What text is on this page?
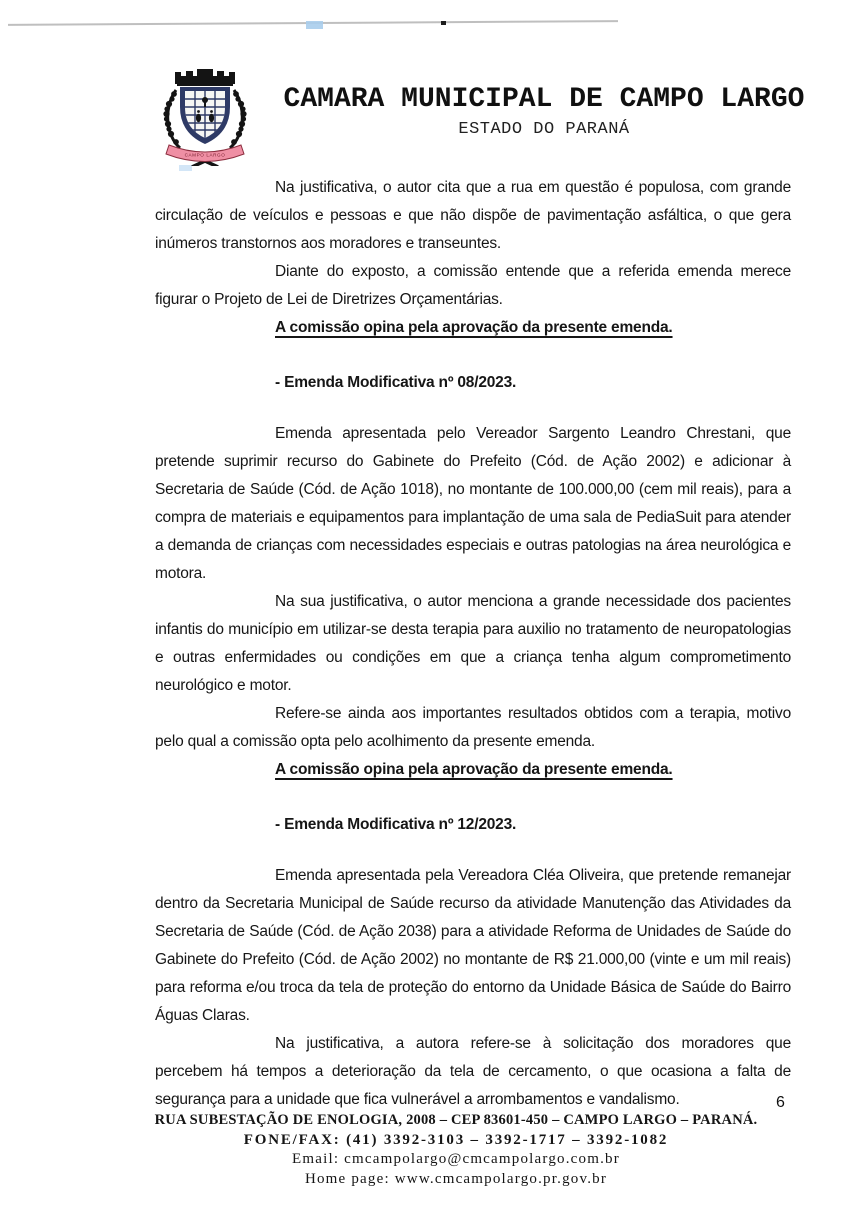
CAMPO LARGO
CAMARA MUNICIPAL DE CAMPO LARGO
ESTADO DO PARANÁ

Na justificativa, o autor cita que a rua em questão é populosa, com grande circulação de veículos e pessoas e que não dispõe de pavimentação asfáltica, o que gera inúmeros transtornos aos moradores e transeuntes.

Diante do exposto, a comissão entende que a referida emenda merece figurar o Projeto de Lei de Diretrizes Orçamentárias.

A comissão opina pela aprovação da presente emenda.
- Emenda Modificativa nº 08/2023.

Emenda apresentada pelo Vereador Sargento Leandro Chrestani, que pretende suprimir recurso do Gabinete do Prefeito (Cód. de Ação 2002) e adicionar à Secretaria de Saúde (Cód. de Ação 1018), no montante de 100.000,00 (cem mil reais), para a compra de materiais e equipamentos para implantação de uma sala de PediaSuit para atender a demanda de crianças com necessidades especiais e outras patologias na área neurológica e motora.

Na sua justificativa, o autor menciona a grande necessidade dos pacientes infantis do município em utilizar-se desta terapia para auxilio no tratamento de neuropatologias e outras enfermidades ou condições em que a criança tenha algum comprometimento neurológico e motor.

Refere-se ainda aos importantes resultados obtidos com a terapia, motivo pelo qual a comissão opta pelo acolhimento da presente emenda.

A comissão opina pela aprovação da presente emenda.
- Emenda Modificativa nº 12/2023.

Emenda apresentada pela Vereadora Cléa Oliveira, que pretende remanejar dentro da Secretaria Municipal de Saúde recurso da atividade Manutenção das Atividades da Secretaria de Saúde (Cód. de Ação 2038) para a atividade Reforma de Unidades de Saúde do Gabinete do Prefeito (Cód. de Ação 2002) no montante de R$ 21.000,00 (vinte e um mil reais) para reforma e/ou troca da tela de proteção do entorno da Unidade Básica de Saúde do Bairro Águas Claras.

Na justificativa, a autora refere-se à solicitação dos moradores que percebem há tempos a deterioração da tela de cercamento, o que ocasiona a falta de segurança para a unidade que fica vulnerável a arrombamentos e vandalismo.	6
RUA SUBESTAÇÃO DE ENOLOGIA, 2008 – CEP 83601-450 – CAMPO LARGO – PARANÁ.
FONE/FAX: (41) 3392-3103 – 3392-1717 – 3392-1082
Email: cmcampolargo@cmcampolargo.com.br
Home page: www.cmcampolargo.pr.gov.br
